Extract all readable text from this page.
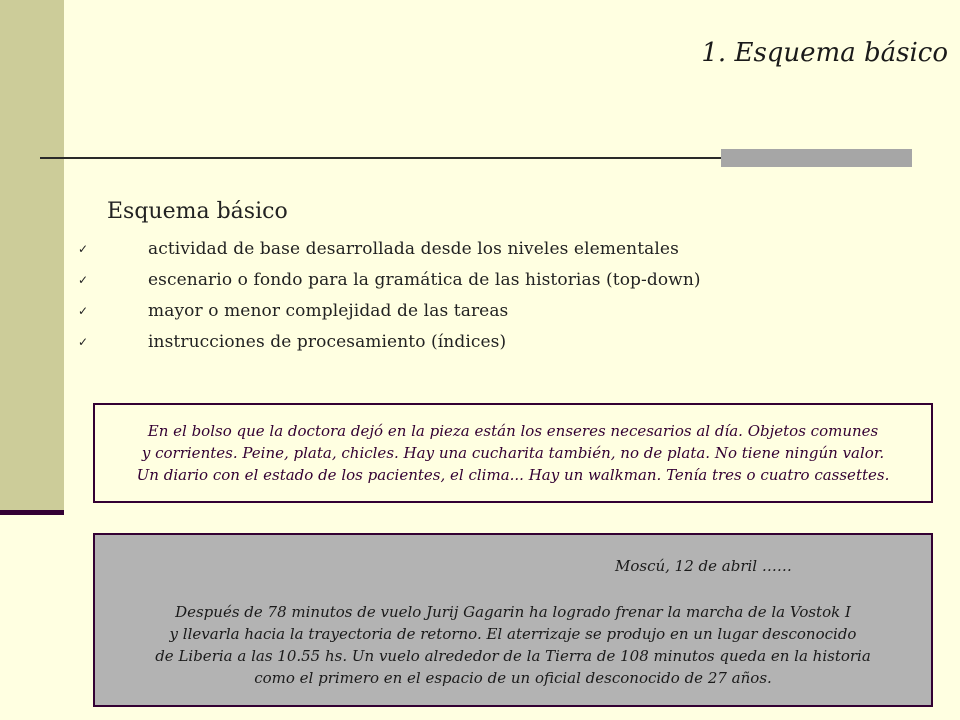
1. Esquema básico
1. Esquema básico
✓	actividad de base desarrollada desde los niveles elementales
✓	escenario o fondo para la gramática de las historias (top-down)
✓	mayor o menor complejidad de las tareas
✓	instrucciones de procesamiento (índices)
En el bolso que la doctora dejó en la pieza están los enseres necesarios al día. Objetos comunes
y corrientes. Peine, plata, chicles. Hay una cucharita también, no de plata. No tiene ningún valor.
Un diario con el estado de los pacientes, el clima... Hay un walkman. Tenía tres o cuatro cassettes.
Moscú, 12 de abril ……
Después de 78 minutos de vuelo Jurij Gagarin ha logrado frenar la marcha de la Vostok I
y llevarla hacia la trayectoria de retorno. El aterrizaje se produjo en un lugar desconocido
de Liberia a las 10.55 hs. Un vuelo alrededor de la Tierra de 108 minutos queda en la historia
como el primero en el espacio de un oficial desconocido de 27 años.
